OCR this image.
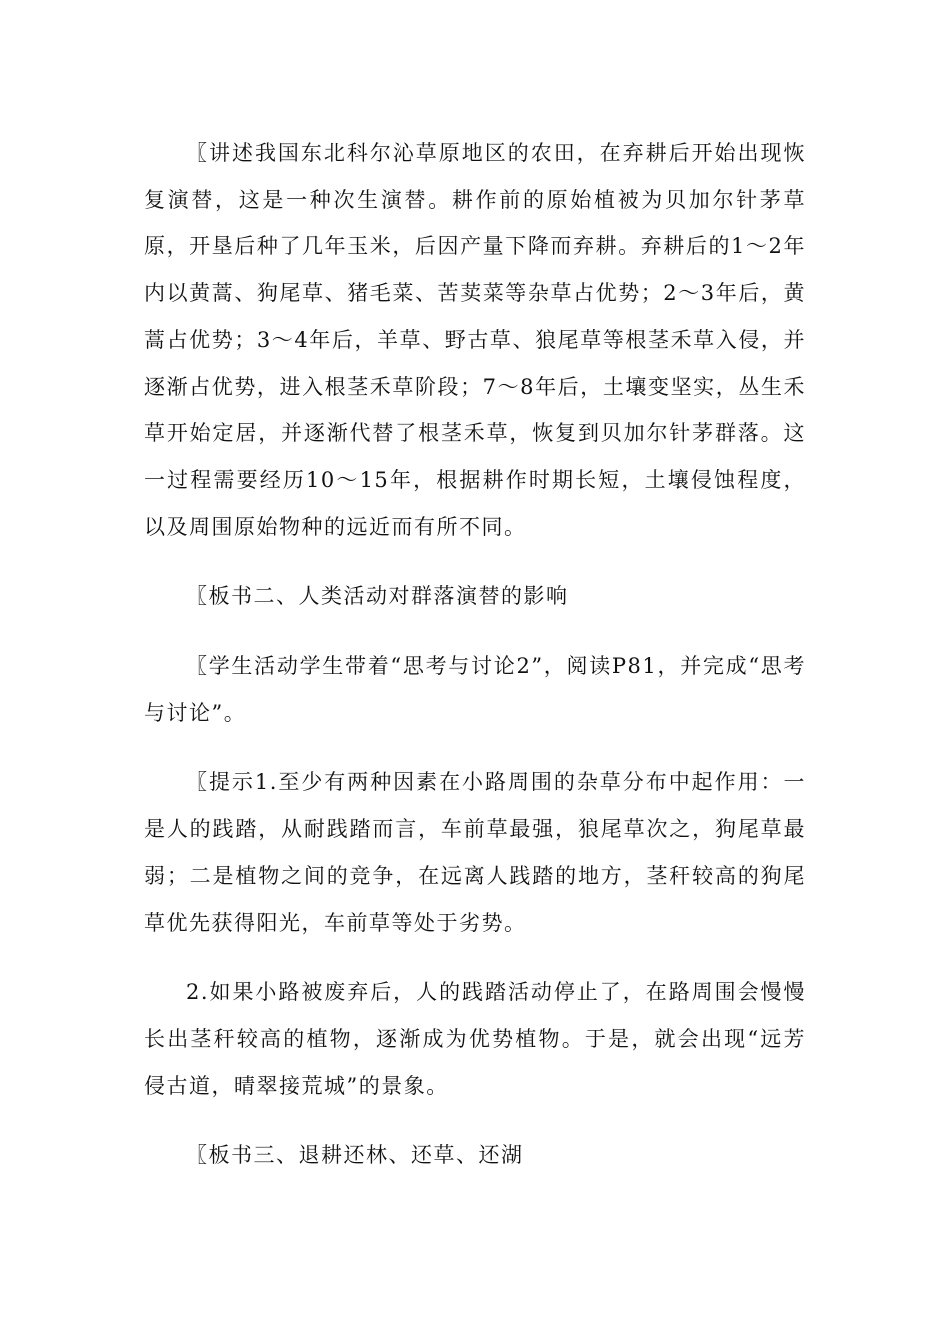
〖讲述我国东北科尔沁草原地区的农田，在弃耕后开始出现恢复演替，这是一种次生演替。耕作前的原始植被为贝加尔针茅草原，开垦后种了几年玉米，后因产量下降而弃耕。弃耕后的1～2年内以黄蒿、狗尾草、猪毛菜、苦荬菜等杂草占优势；2～3年后，黄蒿占优势；3～4年后，羊草、野古草、狼尾草等根茎禾草入侵，并逐渐占优势，进入根茎禾草阶段；7～8年后，土壤变坚实，丛生禾草开始定居，并逐渐代替了根茎禾草，恢复到贝加尔针茅群落。这一过程需要经历10～15年，根据耕作时期长短，土壤侵蚀程度，以及周围原始物种的远近而有所不同。

〖板书二、人类活动对群落演替的影响

〖学生活动学生带着“思考与讨论2”，阅读P81，并完成“思考与讨论”。

〖提示1.至少有两种因素在小路周围的杂草分布中起作用：一是人的践踏，从耐践踏而言，车前草最强，狼尾草次之，狗尾草最弱；二是植物之间的竞争，在远离人践踏的地方，茎秆较高的狗尾草优先获得阳光，车前草等处于劣势。

2.如果小路被废弃后，人的践踏活动停止了，在路周围会慢慢长出茎秆较高的植物，逐渐成为优势植物。于是，就会出现“远芳侵古道，晴翠接荒城”的景象。

〖板书三、退耕还林、还草、还湖
